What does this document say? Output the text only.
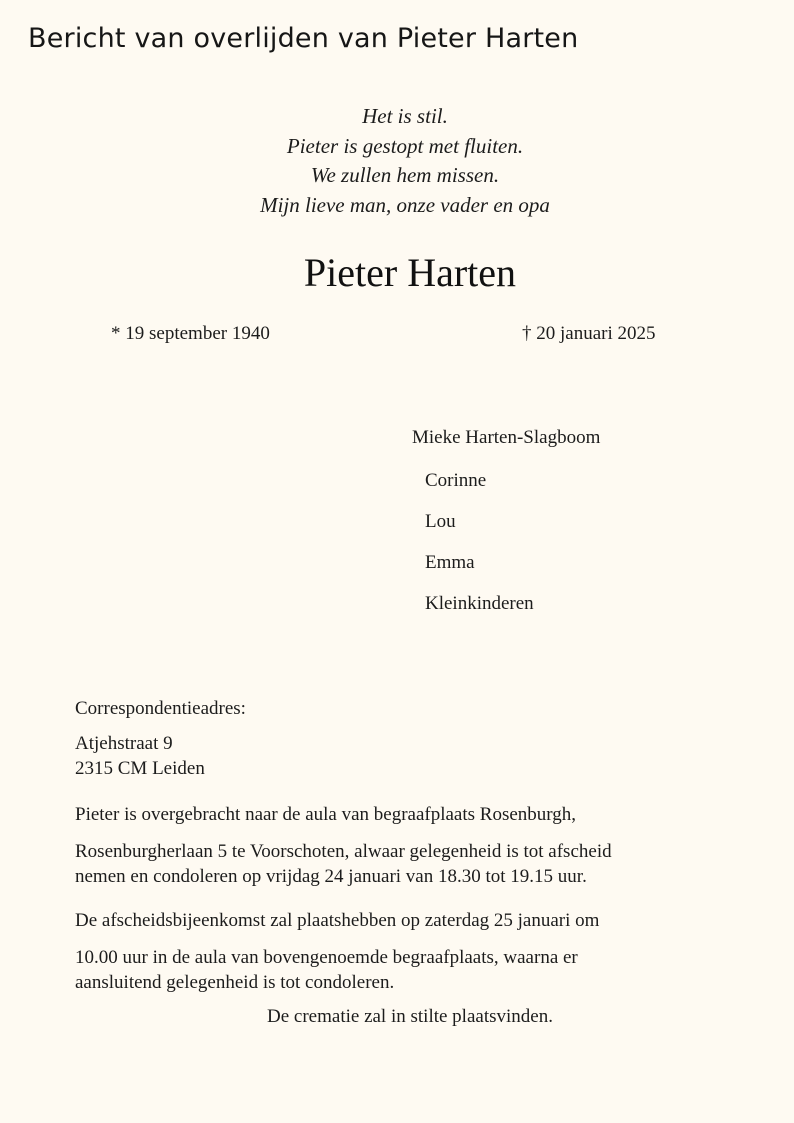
Bericht van overlijden van Pieter Harten
Het is stil.
Pieter is gestopt met fluiten.
We zullen hem missen.
Mijn lieve man, onze vader en opa
Pieter Harten
* 19 september 1940	† 20 januari 2025
Mieke Harten-Slagboom
Corinne
Lou
Emma
Kleinkinderen
Correspondentieadres:
Atjehstraat 9
2315 CM Leiden
Pieter is overgebracht naar de aula van begraafplaats Rosenburgh,
Rosenburgherlaan 5 te Voorschoten, alwaar gelegenheid is tot afscheid
nemen en condoleren op vrijdag 24 januari van 18.30 tot 19.15 uur.
De afscheidsbijeenkomst zal plaatshebben op zaterdag 25 januari om
10.00 uur in de aula van bovengenoemde begraafplaats, waarna er
aansluitend gelegenheid is tot condoleren.
De crematie zal in stilte plaatsvinden.
